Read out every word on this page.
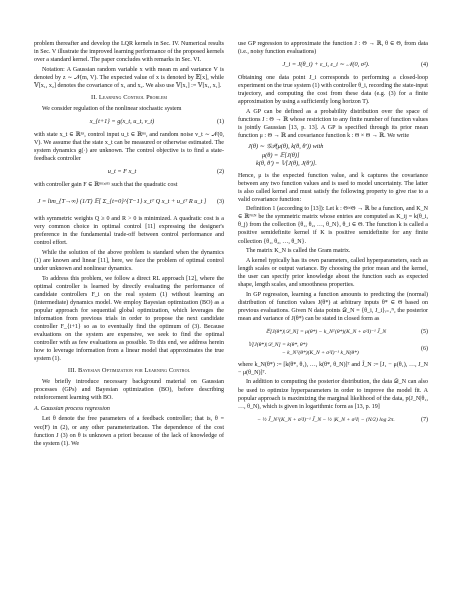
problem thereafter and develop the LQR kernels in Sec. IV. Numerical results in Sec. V illustrate the improved learning performance of the proposed kernels over a standard kernel. The paper concludes with remarks in Sec. VI.

Notation: A Gaussian random variable x with mean m and variance V is denoted by z ∼ 𝒩(m, V). The expected value of x is denoted by 𝔼[x], while 𝕍[x₁, x₂] denotes the covariance of x₁ and x₂. We also use 𝕍[x₁] := 𝕍[x₁, x₁].

II. Learning Control Problem

We consider regulation of the nonlinear stochastic system

x_{t+1} = g(x_t, u_t, v_t)	(1)

with state x_t ∈ ℝⁿˣ, control input u_t ∈ ℝⁿᵘ, and random noise v_t ∼ 𝒩(0, V). We assume that the state x_t can be measured or otherwise estimated. The system dynamics g(·) are unknown. The control objective is to find a state-feedback controller

u_t = F x_t	(2)

with controller gain F ∈ ℝⁿᵘ×ⁿˣ such that the quadratic cost

J = lim_{T→∞} (1/T) 𝔼[ Σ_{t=0}^{T−1} x_tᵀ Q x_t + u_tᵀ R u_t ]	(3)

with symmetric weights Q ≥ 0 and R > 0 is minimized. A quadratic cost is a very common choice in optimal control [11] expressing the designer's preference in the fundamental trade-off between control performance and control effort.

While the solution of the above problem is standard when the dynamics (1) are known and linear [11], here, we face the problem of optimal control under unknown and nonlinear dynamics.

To address this problem, we follow a direct RL approach [12], where the optimal controller is learned by directly evaluating the performance of candidate controllers F_i on the real system (1) without learning an (intermediate) dynamics model. We employ Bayesian optimization (BO) as a popular approach for sequential global optimization, which leverages the information from previous trials in order to propose the next candidate controller F_{i+1} so as to eventually find the optimum of (3). Because evaluations on the system are expensive, we seek to find the optimal controller with as few evaluations as possible. To this end, we address herein how to leverage information from a linear model that approximates the true system (1).

III. Bayesian Optimization for Learning Control

We briefly introduce necessary background material on Gaussian processes (GPs) and Bayesian optimization (BO), before describing reinforcement learning with BO.

A. Gaussian process regression

Let θ denote the free parameters of a feedback controller; that is, θ = vec(F) in (2), or any other parameterization. The dependence of the cost function J (3) on θ is unknown a priori because of the lack of knowledge of the system (1). We

use GP regression to approximate the function J : Θ → ℝ, θ ∈ Θ, from data (i.e., noisy function evaluations)

J_i = J(θ_i) + ε_i, ε_i ∼ 𝒩(0, σ²).	(4)

Obtaining one data point J_i corresponds to performing a closed-loop experiment on the true system (1) with controller θ_i, recording the state-input trajectory, and computing the cost from these data (e.g. (3) for a finite approximation by using a sufficiently long horizon T).

A GP can be defined as a probability distribution over the space of functions J : Θ → ℝ whose restriction to any finite number of function values is jointly Gaussian [13, p. 13]. A GP is specified through its prior mean function μ : Θ → ℝ and covariance function k : Θ × Θ → ℝ. We write

J(θ) ∼ 𝒢𝒫(μ(θ), k(θ, θ′)) with
μ(θ) = 𝔼[J(θ)]
k(θ, θ′) = 𝕍[J(θ), J(θ′)].

Hence, μ is the expected function value, and k captures the covariance between any two function values and is used to model uncertainty. The latter is also called kernel and must satisfy the following property to give rise to a valid covariance function:

Definition 1 (according to [13]): Let k : Θ×Θ → ℝ be a function, and K_N ∈ ℝᴺˣᴺ be the symmetric matrix whose entries are computed as K_ij = k(θ_i, θ_j) from the collection {θ₁, θ₂, …, θ_N}, θ_i ∈ Θ. The function k is called a positive semidefinite kernel if K is positive semidefinite for any finite collection {θ₁, θ₂, …, θ_N}.

The matrix K_N is called the Gram matrix.

A kernel typically has its own parameters, called hyperparameters, such as length scales or output variance. By choosing the prior mean and the kernel, the user can specify prior knowledge about the function such as expected shape, length scales, and smoothness properties.

In GP regression, learning a function amounts to predicting the (normal) distribution of function values J(θ*) at arbitrary inputs θ* ∈ Θ based on previous evaluations. Given N data points 𝒟_N = {θ_i, J_i}ᵢ₌₁ᴺ, the posterior mean and variance of J(θ*) can be stated in closed form as

𝔼[J(θ*)|𝒟_N] = μ(θ*) − k_Nᵀ(θ*)(K_N + σ²I)⁻¹ J̃_N	(5)
𝕍[J(θ*)|𝒟_N] = k(θ*, θ*)
− k_Nᵀ(θ*)(K_N + σ²I)⁻¹ k_N(θ*)
(6)

where k_N(θ*) := [k(θ*, θ₁), …, k(θ*, θ_N)]ᵀ and J̃_N := [J₁ − μ(θ₁), …, J_N − μ(θ_N)]ᵀ.

In addition to computing the posterior distribution, the data 𝒟_N can also be used to optimize hyperparameters in order to improve the model fit. A popular approach is maximizing the marginal likelihood of the data, p(J_N|θ₁, …, θ_N), which is given in logarithmic form as [13, p. 19]

− ½ J̃_Nᵀ(K_N + σ²I)⁻¹ J̃_N − ½ |K_N + σ²I| − (N/2) log 2π.	(7)
